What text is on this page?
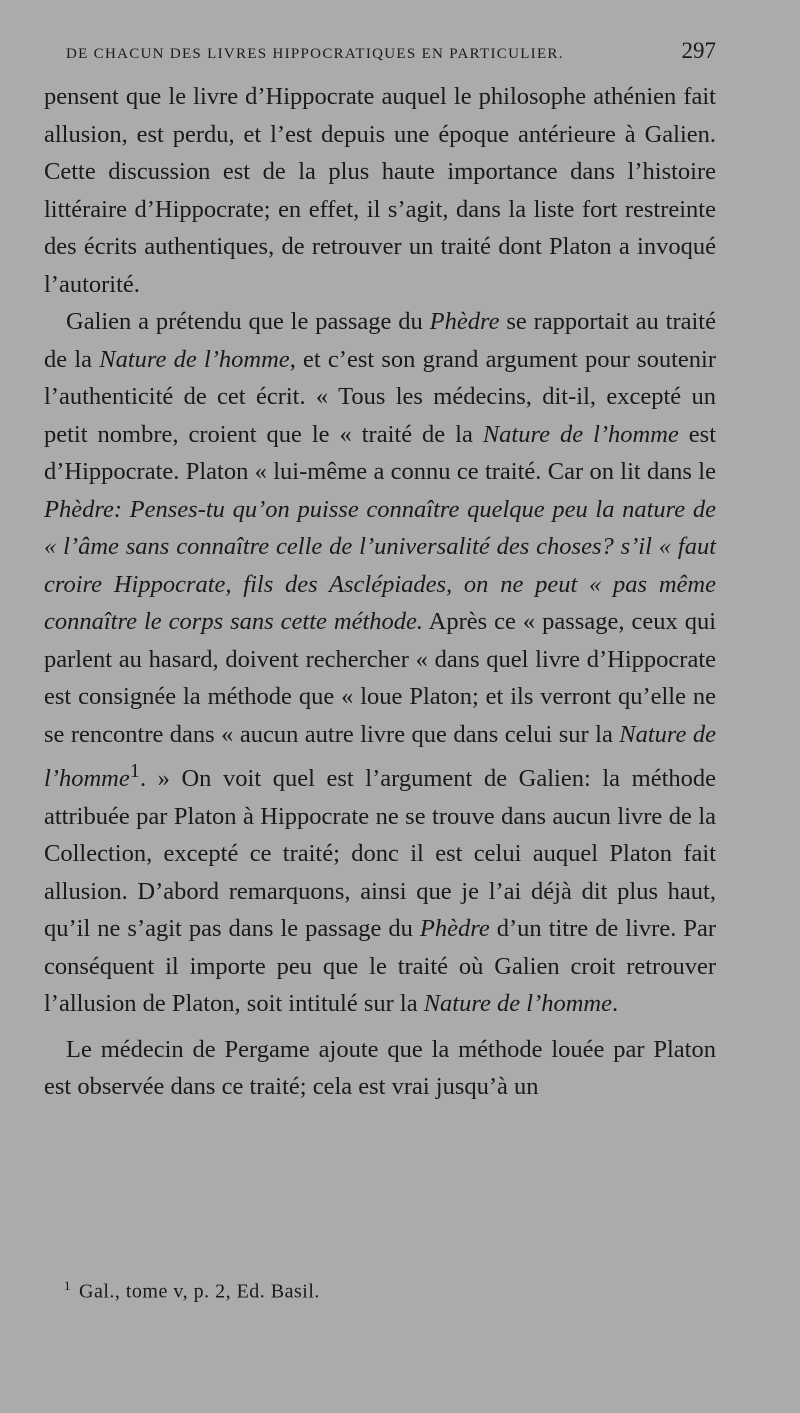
DE CHACUN DES LIVRES HIPPOCRATIQUES EN PARTICULIER.	297

pensent que le livre d’Hippocrate auquel le philosophe athénien fait allusion, est perdu, et l’est depuis une époque antérieure à Galien. Cette discussion est de la plus haute importance dans l’histoire littéraire d’Hippocrate; en effet, il s’agit, dans la liste fort restreinte des écrits authentiques, de retrouver un traité dont Platon a invoqué l’autorité.

Galien a prétendu que le passage du Phèdre se rapportait au traité de la Nature de l’homme, et c’est son grand argument pour soutenir l’authenticité de cet écrit. « Tous les médecins, dit-il, excepté un petit nombre, croient que le « traité de la Nature de l’homme est d’Hippocrate. Platon « lui-même a connu ce traité. Car on lit dans le Phèdre: Penses-tu qu’on puisse connaître quelque peu la nature de « l’âme sans connaître celle de l’universalité des choses? s’il « faut croire Hippocrate, fils des Asclépiades, on ne peut « pas même connaître le corps sans cette méthode. Après ce « passage, ceux qui parlent au hasard, doivent rechercher « dans quel livre d’Hippocrate est consignée la méthode que « loue Platon; et ils verront qu’elle ne se rencontre dans « aucun autre livre que dans celui sur la Nature de l’homme$^1$. » On voit quel est l’argument de Galien: la méthode attribuée par Platon à Hippocrate ne se trouve dans aucun livre de la Collection, excepté ce traité; donc il est celui auquel Platon fait allusion. D’abord remarquons, ainsi que je l’ai déjà dit plus haut, qu’il ne s’agit pas dans le passage du Phèdre d’un titre de livre. Par conséquent il importe peu que le traité où Galien croit retrouver l’allusion de Platon, soit intitulé sur la Nature de l’homme.

Le médecin de Pergame ajoute que la méthode louée par Platon est observée dans ce traité; cela est vrai jusqu’à un

$^1$ Gal., tome v, p. 2, Ed. Basil.
